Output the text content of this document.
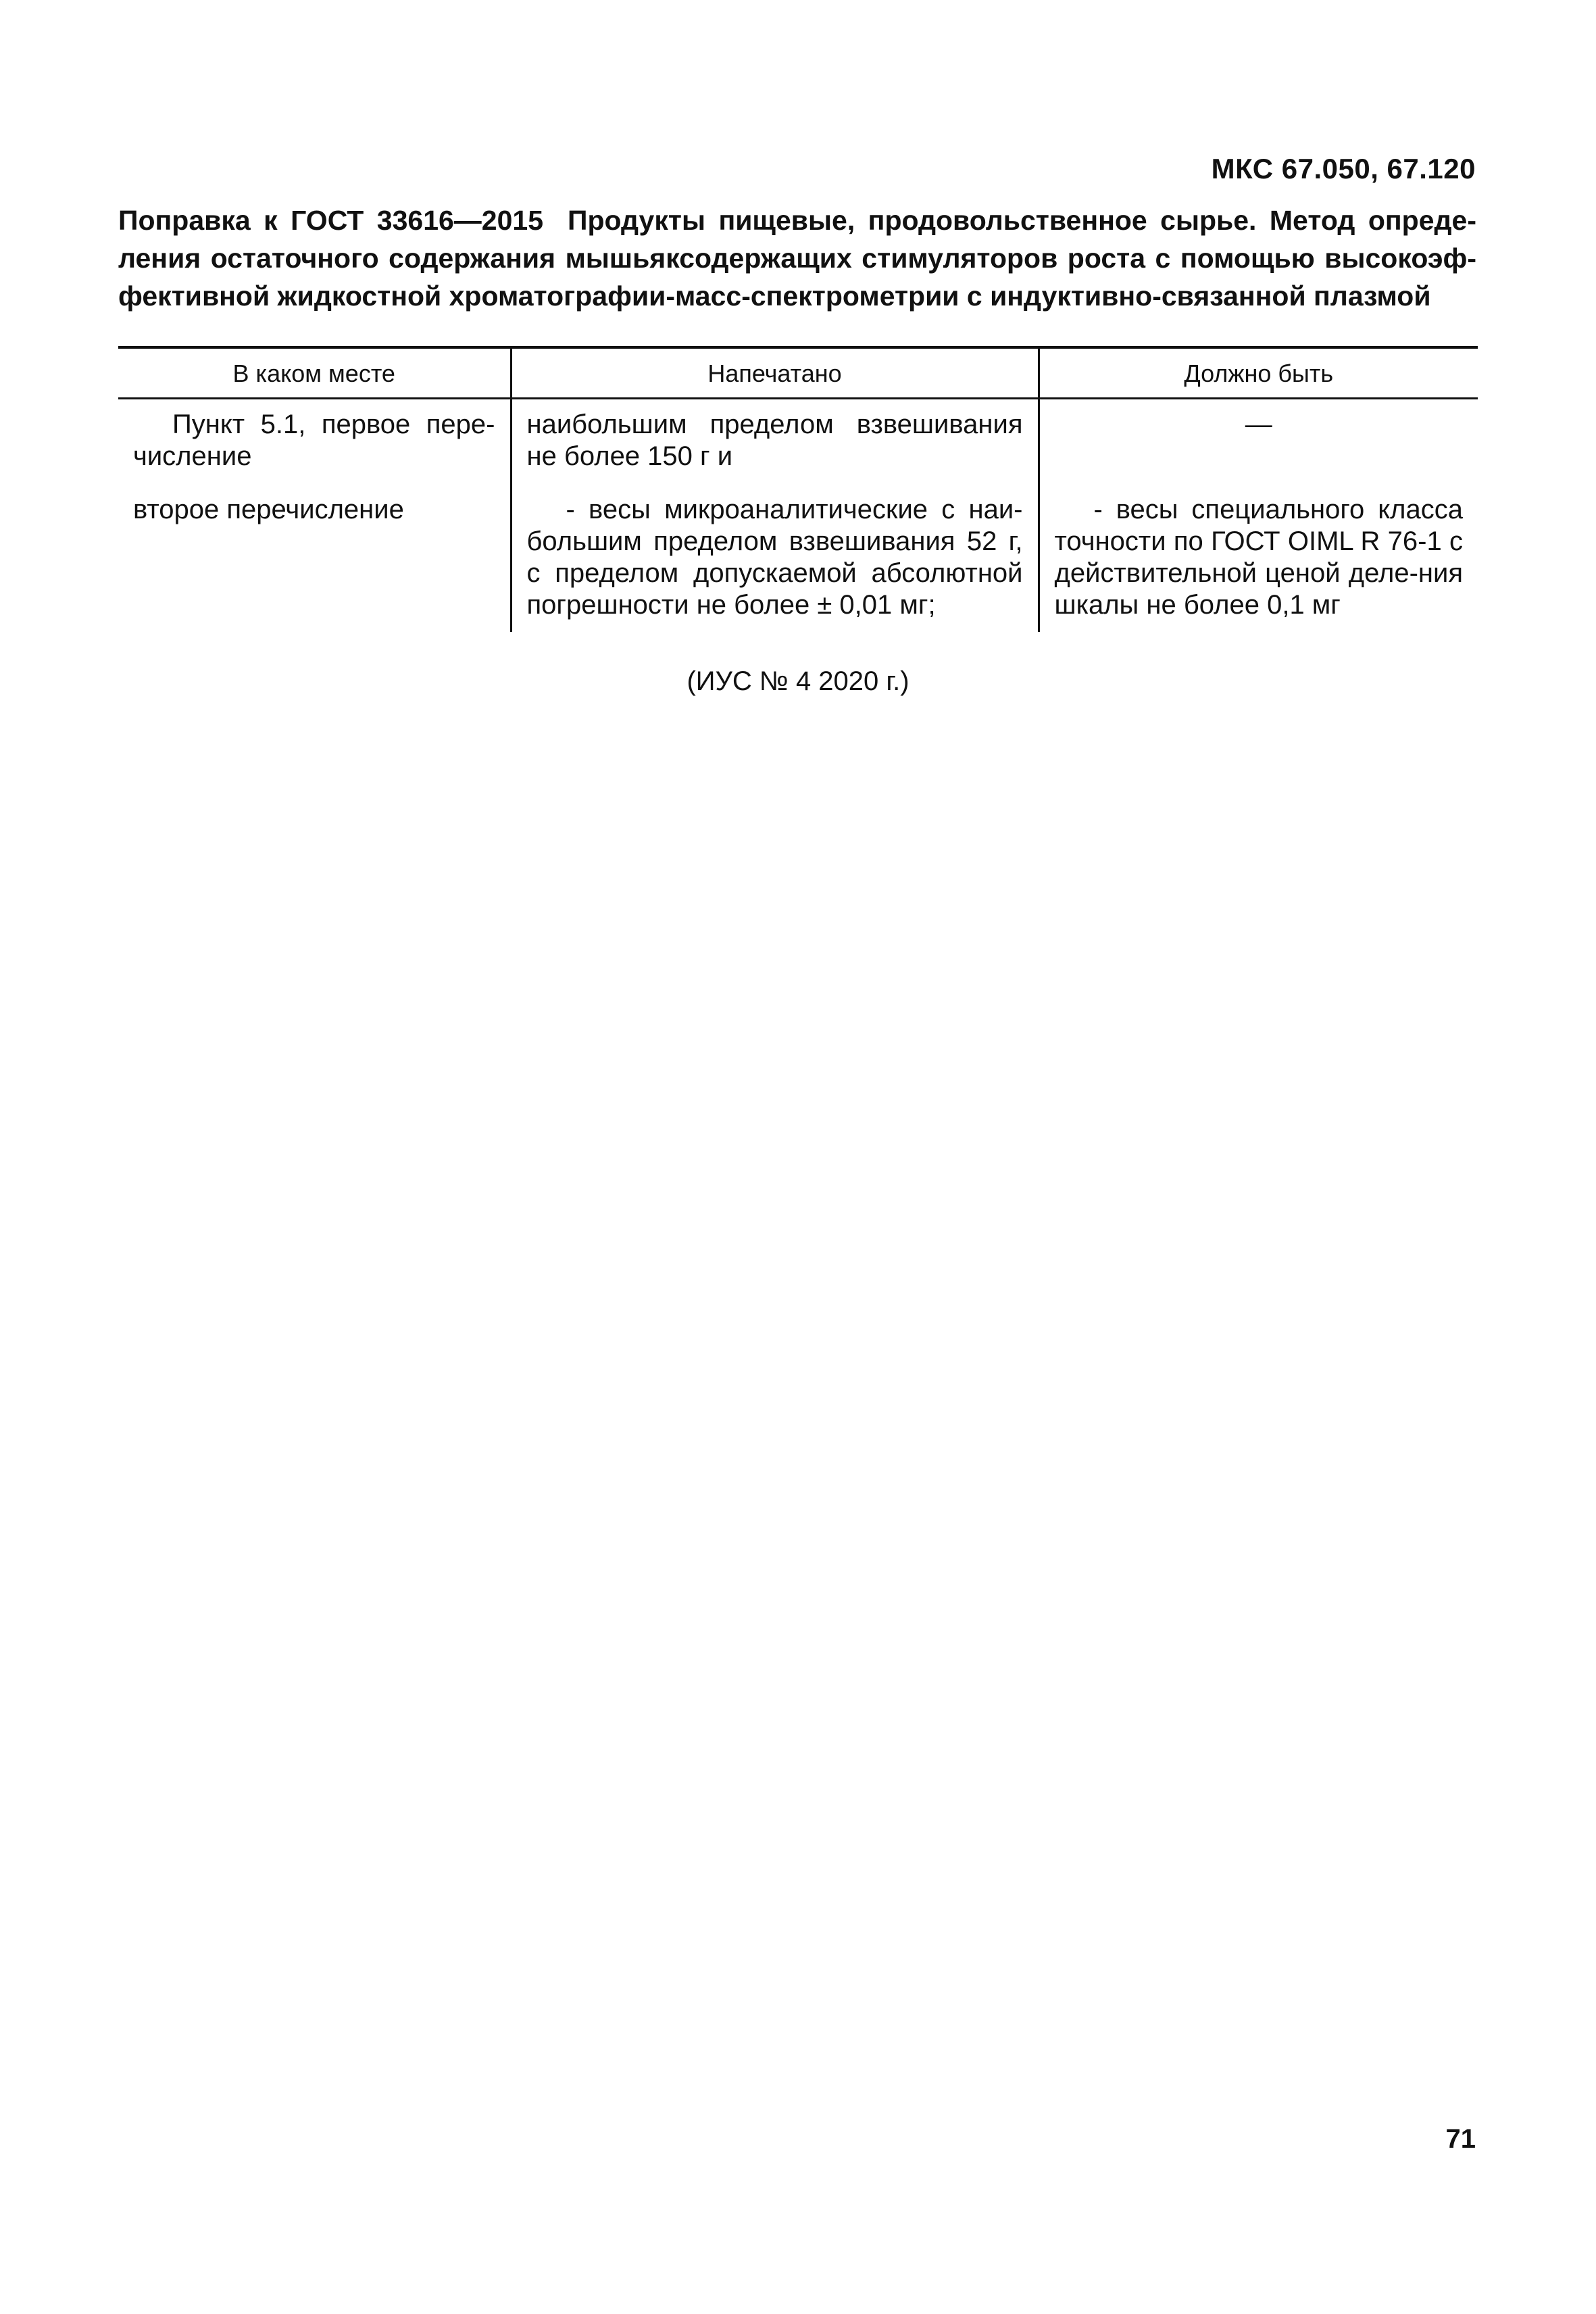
МКС 67.050, 67.120
Поправка к ГОСТ 33616—2015 Продукты пищевые, продовольственное сырье. Метод опреде-
ления остаточного содержания мышьяксодержащих стимуляторов роста с помощью высокоэф-
фективной жидкостной хроматографии-масс-спектрометрии с индуктивно-связанной плазмой
В каком месте	Напечатано	Должно быть
Пункт 5.1, первое пере-числение	наибольшим пределом взвешивания не более 150 г и	—
второе перечисление	- весы микроаналитические с наи-большим пределом взвешивания 52 г, с пределом допускаемой абсолютной погрешности не более ± 0,01 мг;	- весы специального класса точности по ГОСТ OIML R 76-1 с действительной ценой деле-ния шкалы не более 0,1 мг
(ИУС № 4 2020 г.)
71
